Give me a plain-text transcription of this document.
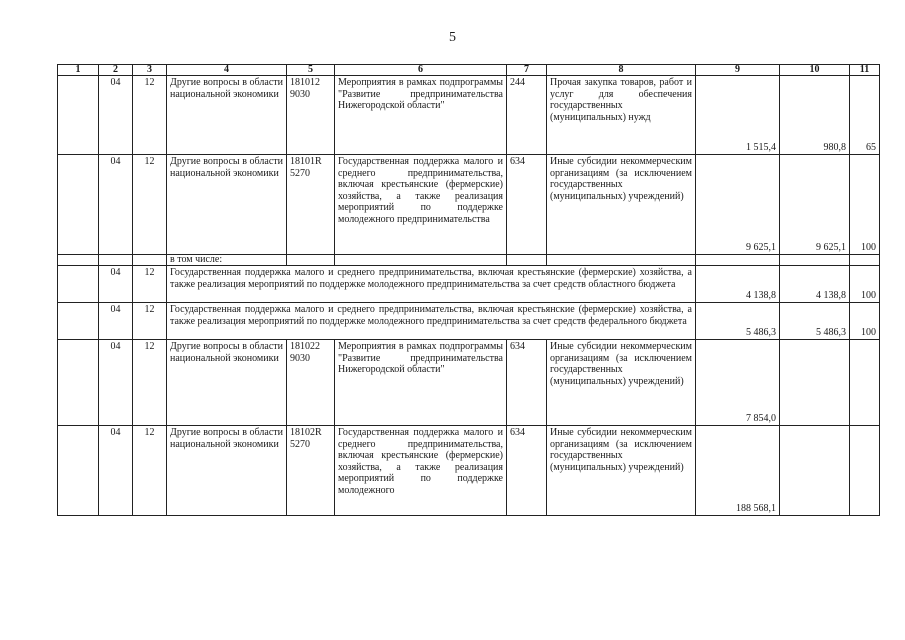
5
1	2	3	4	5	6	7	8	9	10	11
	04	12	Другие вопросы в области национальной экономики	181012 9030	Мероприятия в рамках подпрограммы "Развитие предпринимательства Нижегородской области"	244	Прочая закупка товаров, работ и услуг для обеспечения государственных (муниципальных) нужд	1 515,4	980,8	65
	04	12	Другие вопросы в области национальной экономики	18101R 5270	Государственная поддержка малого и среднего предпринимательства, включая крестьянские (фермерские) хозяйства, а также реализация мероприятий по поддержке молодежного предпринимательства	634	Иные субсидии некоммерческим организациям (за исключением государственных (муниципальных) учреждений)	9 625,1	9 625,1	100
			в том числе:							
	04	12	Государственная поддержка малого и среднего предпринимательства, включая крестьянские (фермерские) хозяйства, а также реализация мероприятий по поддержке молодежного предпринимательства за счет средств областного бюджета					4 138,8	4 138,8	100
	04	12	Государственная поддержка малого и среднего предпринимательства, включая крестьянские (фермерские) хозяйства, а также реализация мероприятий по поддержке молодежного предпринимательства за счет средств федерального бюджета					5 486,3	5 486,3	100
	04	12	Другие вопросы в области национальной экономики	181022 9030	Мероприятия в рамках подпрограммы "Развитие предпринимательства Нижегородской области"	634	Иные субсидии некоммерческим организациям (за исключением государственных (муниципальных) учреждений)	7 854,0		
	04	12	Другие вопросы в области национальной экономики	18102R 5270	Государственная поддержка малого и среднего предпринимательства, включая крестьянские (фермерские) хозяйства, а также реализация мероприятий по поддержке молодежного	634	Иные субсидии некоммерческим организациям (за исключением государственных (муниципальных) учреждений)	188 568,1		
